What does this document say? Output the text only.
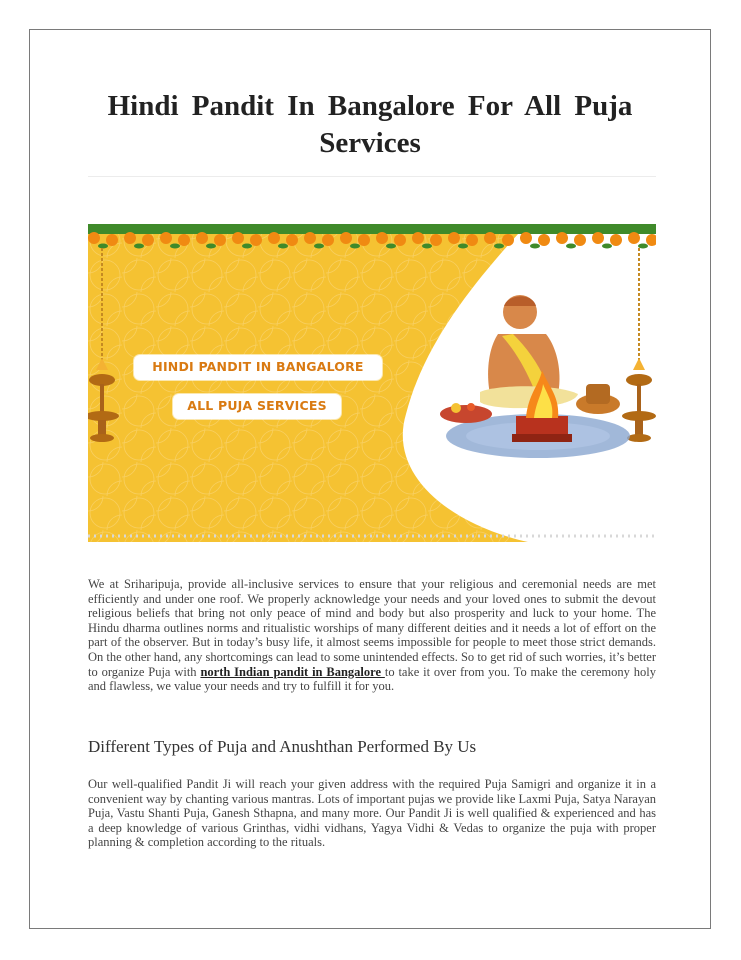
Hindi Pandit In Bangalore For All Puja Services
HINDI PANDIT IN BANGALORE
ALL PUJA SERVICES
We at Sriharipuja, provide all-inclusive services to ensure that your religious and ceremonial needs are met efficiently and under one roof. We properly acknowledge your needs and your loved ones to submit the devout religious beliefs that bring not only peace of mind and body but also prosperity and luck to your home. The Hindu dharma outlines norms and ritualistic worships of many different deities and it needs a lot of effort on the part of the observer. But in today’s busy life, it almost seems impossible for people to meet those strict demands. On the other hand, any shortcomings can lead to some unintended effects. So to get rid of such worries, it’s better to organize Puja with north Indian pandit in Bangalore to take it over from you. To make the ceremony holy and flawless, we value your needs and try to fulfill it for you.
Different Types of Puja and Anushthan Performed By Us
Our well-qualified Pandit Ji will reach your given address with the required Puja Samigri and organize it in a convenient way by chanting various mantras. Lots of important pujas we provide like Laxmi Puja, Satya Narayan Puja, Vastu Shanti Puja, Ganesh Sthapna, and many more. Our Pandit Ji is well qualified & experienced and has a deep knowledge of various Grinthas, vidhi vidhans, Yagya Vidhi & Vedas to organize the puja with proper planning & completion according to the rituals.
